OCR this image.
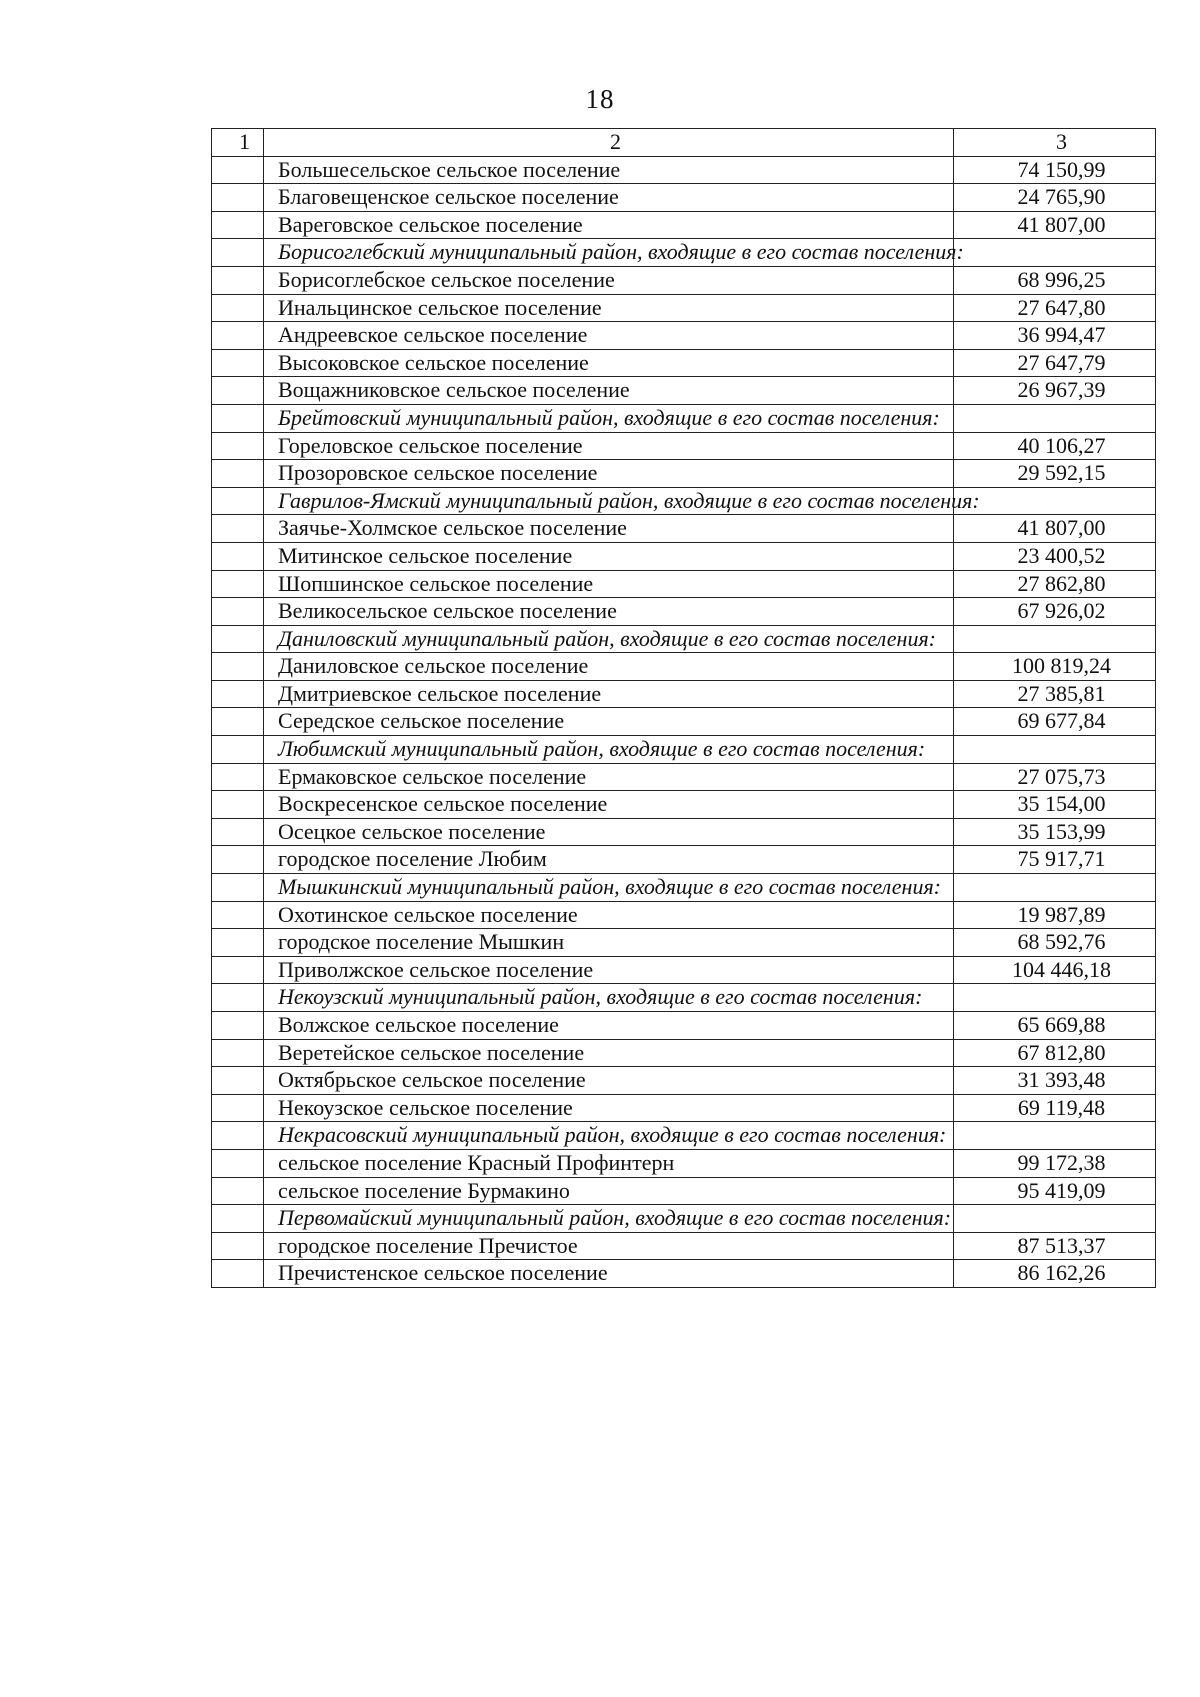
18
1	2	3
	Большесельское сельское поселение	74 150,99
	Благовещенское сельское поселение	24 765,90
	Вареговское сельское поселение	41 807,00
	Борисоглебский муниципальный район, входящие в его состав поселения:	
	Борисоглебское сельское поселение	68 996,25
	Инальцинское сельское поселение	27 647,80
	Андреевское сельское поселение	36 994,47
	Высоковское сельское поселение	27 647,79
	Вощажниковское сельское поселение	26 967,39
	Брейтовский муниципальный район, входящие в его состав поселения:	
	Гореловское сельское поселение	40 106,27
	Прозоровское сельское поселение	29 592,15
	Гаврилов-Ямский муниципальный район, входящие в его состав поселения:	
	Заячье-Холмское сельское поселение	41 807,00
	Митинское сельское поселение	23 400,52
	Шопшинское сельское поселение	27 862,80
	Великосельское сельское поселение	67 926,02
	Даниловский муниципальный район, входящие в его состав поселения:	
	Даниловское сельское поселение	100 819,24
	Дмитриевское сельское поселение	27 385,81
	Середское сельское поселение	69 677,84
	Любимский муниципальный район, входящие в его состав поселения:	
	Ермаковское сельское поселение	27 075,73
	Воскресенское сельское поселение	35 154,00
	Осецкое сельское поселение	35 153,99
	городское поселение Любим	75 917,71
	Мышкинский муниципальный район, входящие в его состав поселения:	
	Охотинское сельское поселение	19 987,89
	городское поселение Мышкин	68 592,76
	Приволжское сельское поселение	104 446,18
	Некоузский муниципальный район, входящие в его состав поселения:	
	Волжское сельское поселение	65 669,88
	Веретейское сельское поселение	67 812,80
	Октябрьское сельское поселение	31 393,48
	Некоузское сельское поселение	69 119,48
	Некрасовский муниципальный район, входящие в его состав поселения:	
	сельское поселение Красный Профинтерн	99 172,38
	сельское поселение Бурмакино	95 419,09
	Первомайский муниципальный район, входящие в его состав поселения:	
	городское поселение Пречистое	87 513,37
	Пречистенское сельское поселение	86 162,26
